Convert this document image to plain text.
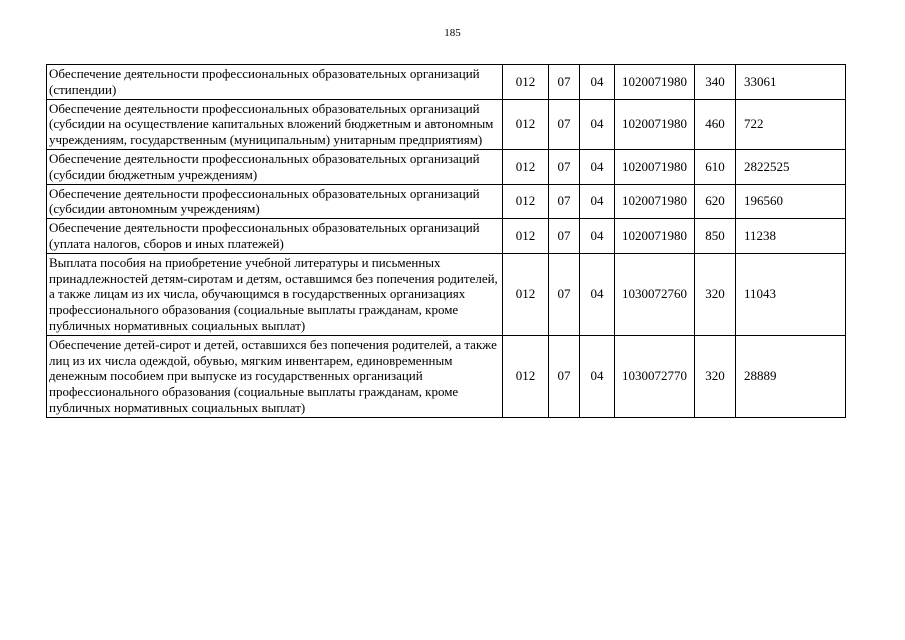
185
Обеспечение деятельности профессиональных образовательных организаций (стипендии)	012	07	04	1020071980	340	33061
Обеспечение деятельности профессиональных образовательных организаций (субсидии на осуществление капитальных вложений бюджетным и автономным учреждениям, государственным (муниципальным) унитарным предприятиям)	012	07	04	1020071980	460	722
Обеспечение деятельности профессиональных образовательных организаций (субсидии бюджетным учреждениям)	012	07	04	1020071980	610	2822525
Обеспечение деятельности профессиональных образовательных организаций (субсидии автономным учреждениям)	012	07	04	1020071980	620	196560
Обеспечение деятельности профессиональных образовательных организаций (уплата налогов, сборов и иных платежей)	012	07	04	1020071980	850	11238
Выплата пособия на приобретение учебной литературы и письменных принадлежностей детям-сиротам и детям, оставшимся без попечения родителей, а также лицам из их числа, обучающимся в государственных организациях профессионального образования (социальные выплаты гражданам, кроме публичных нормативных социальных выплат)	012	07	04	1030072760	320	11043
Обеспечение детей-сирот и детей, оставшихся без попечения родителей, а также лиц из их числа одеждой, обувью, мягким инвентарем, единовременным денежным пособием при выпуске из государственных организаций профессионального образования (социальные выплаты гражданам, кроме публичных нормативных социальных выплат)	012	07	04	1030072770	320	28889
